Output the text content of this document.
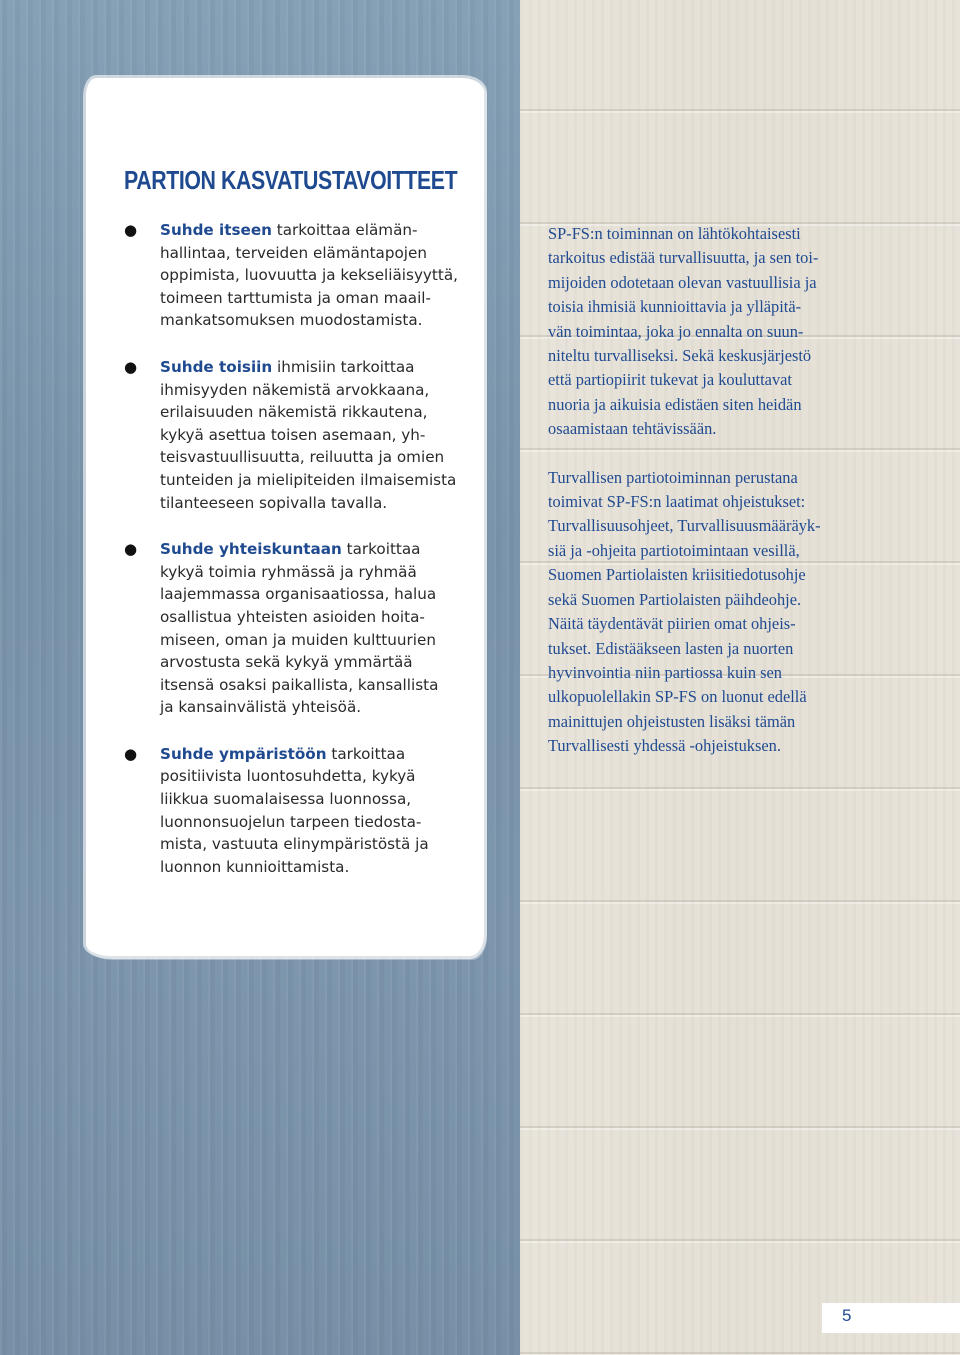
PARTION KASVATUSTAVOITTEET
● Suhde itseen tarkoittaa elämän-
hallintaa, terveiden elämäntapojen
oppimista, luovuutta ja kekseliäisyyttä,
toimeen tarttumista ja oman maail-
mankatsomuksen muodostamista.
● Suhde toisiin ihmisiin tarkoittaa
ihmisyyden näkemistä arvokkaana,
erilaisuuden näkemistä rikkautena,
kykyä asettua toisen asemaan, yh-
teisvastuullisuutta, reiluutta ja omien
tunteiden ja mielipiteiden ilmaisemista
tilanteeseen sopivalla tavalla.
● Suhde yhteiskuntaan tarkoittaa
kykyä toimia ryhmässä ja ryhmää
laajemmassa organisaatiossa, halua
osallistua yhteisten asioiden hoita-
miseen, oman ja muiden kulttuurien
arvostusta sekä kykyä ymmärtää
itsensä osaksi paikallista, kansallista
ja kansainvälistä yhteisöä.
● Suhde ympäristöön tarkoittaa
positiivista luontosuhdetta, kykyä
liikkua suomalaisessa luonnossa,
luonnonsuojelun tarpeen tiedosta-
mista, vastuuta elinympäristöstä ja
luonnon kunnioittamista.

SP-FS:n toiminnan on lähtökohtaisesti
tarkoitus edistää turvallisuutta, ja sen toi-
mijoiden odotetaan olevan vastuullisia ja
toisia ihmisiä kunnioittavia ja ylläpitä-
vän toimintaa, joka jo ennalta on suun-
niteltu turvalliseksi. Sekä keskusjärjestö
että partiopiirit tukevat ja kouluttavat
nuoria ja aikuisia edistäen siten heidän
osaamistaan tehtävissään.

Turvallisen partiotoiminnan perustana
toimivat SP-FS:n laatimat ohjeistukset:
Turvallisuusohjeet, Turvallisuusmääräyk-
siä ja -ohjeita partiotoimintaan vesillä,
Suomen Partiolaisten kriisitiedotusohje
sekä Suomen Partiolaisten päihdeohje.
Näitä täydentävät piirien omat ohjeis-
tukset. Edistääkseen lasten ja nuorten
hyvinvointia niin partiossa kuin sen
ulkopuolellakin SP-FS on luonut edellä
mainittujen ohjeistusten lisäksi tämän
Turvallisesti yhdessä -ohjeistuksen.

5
